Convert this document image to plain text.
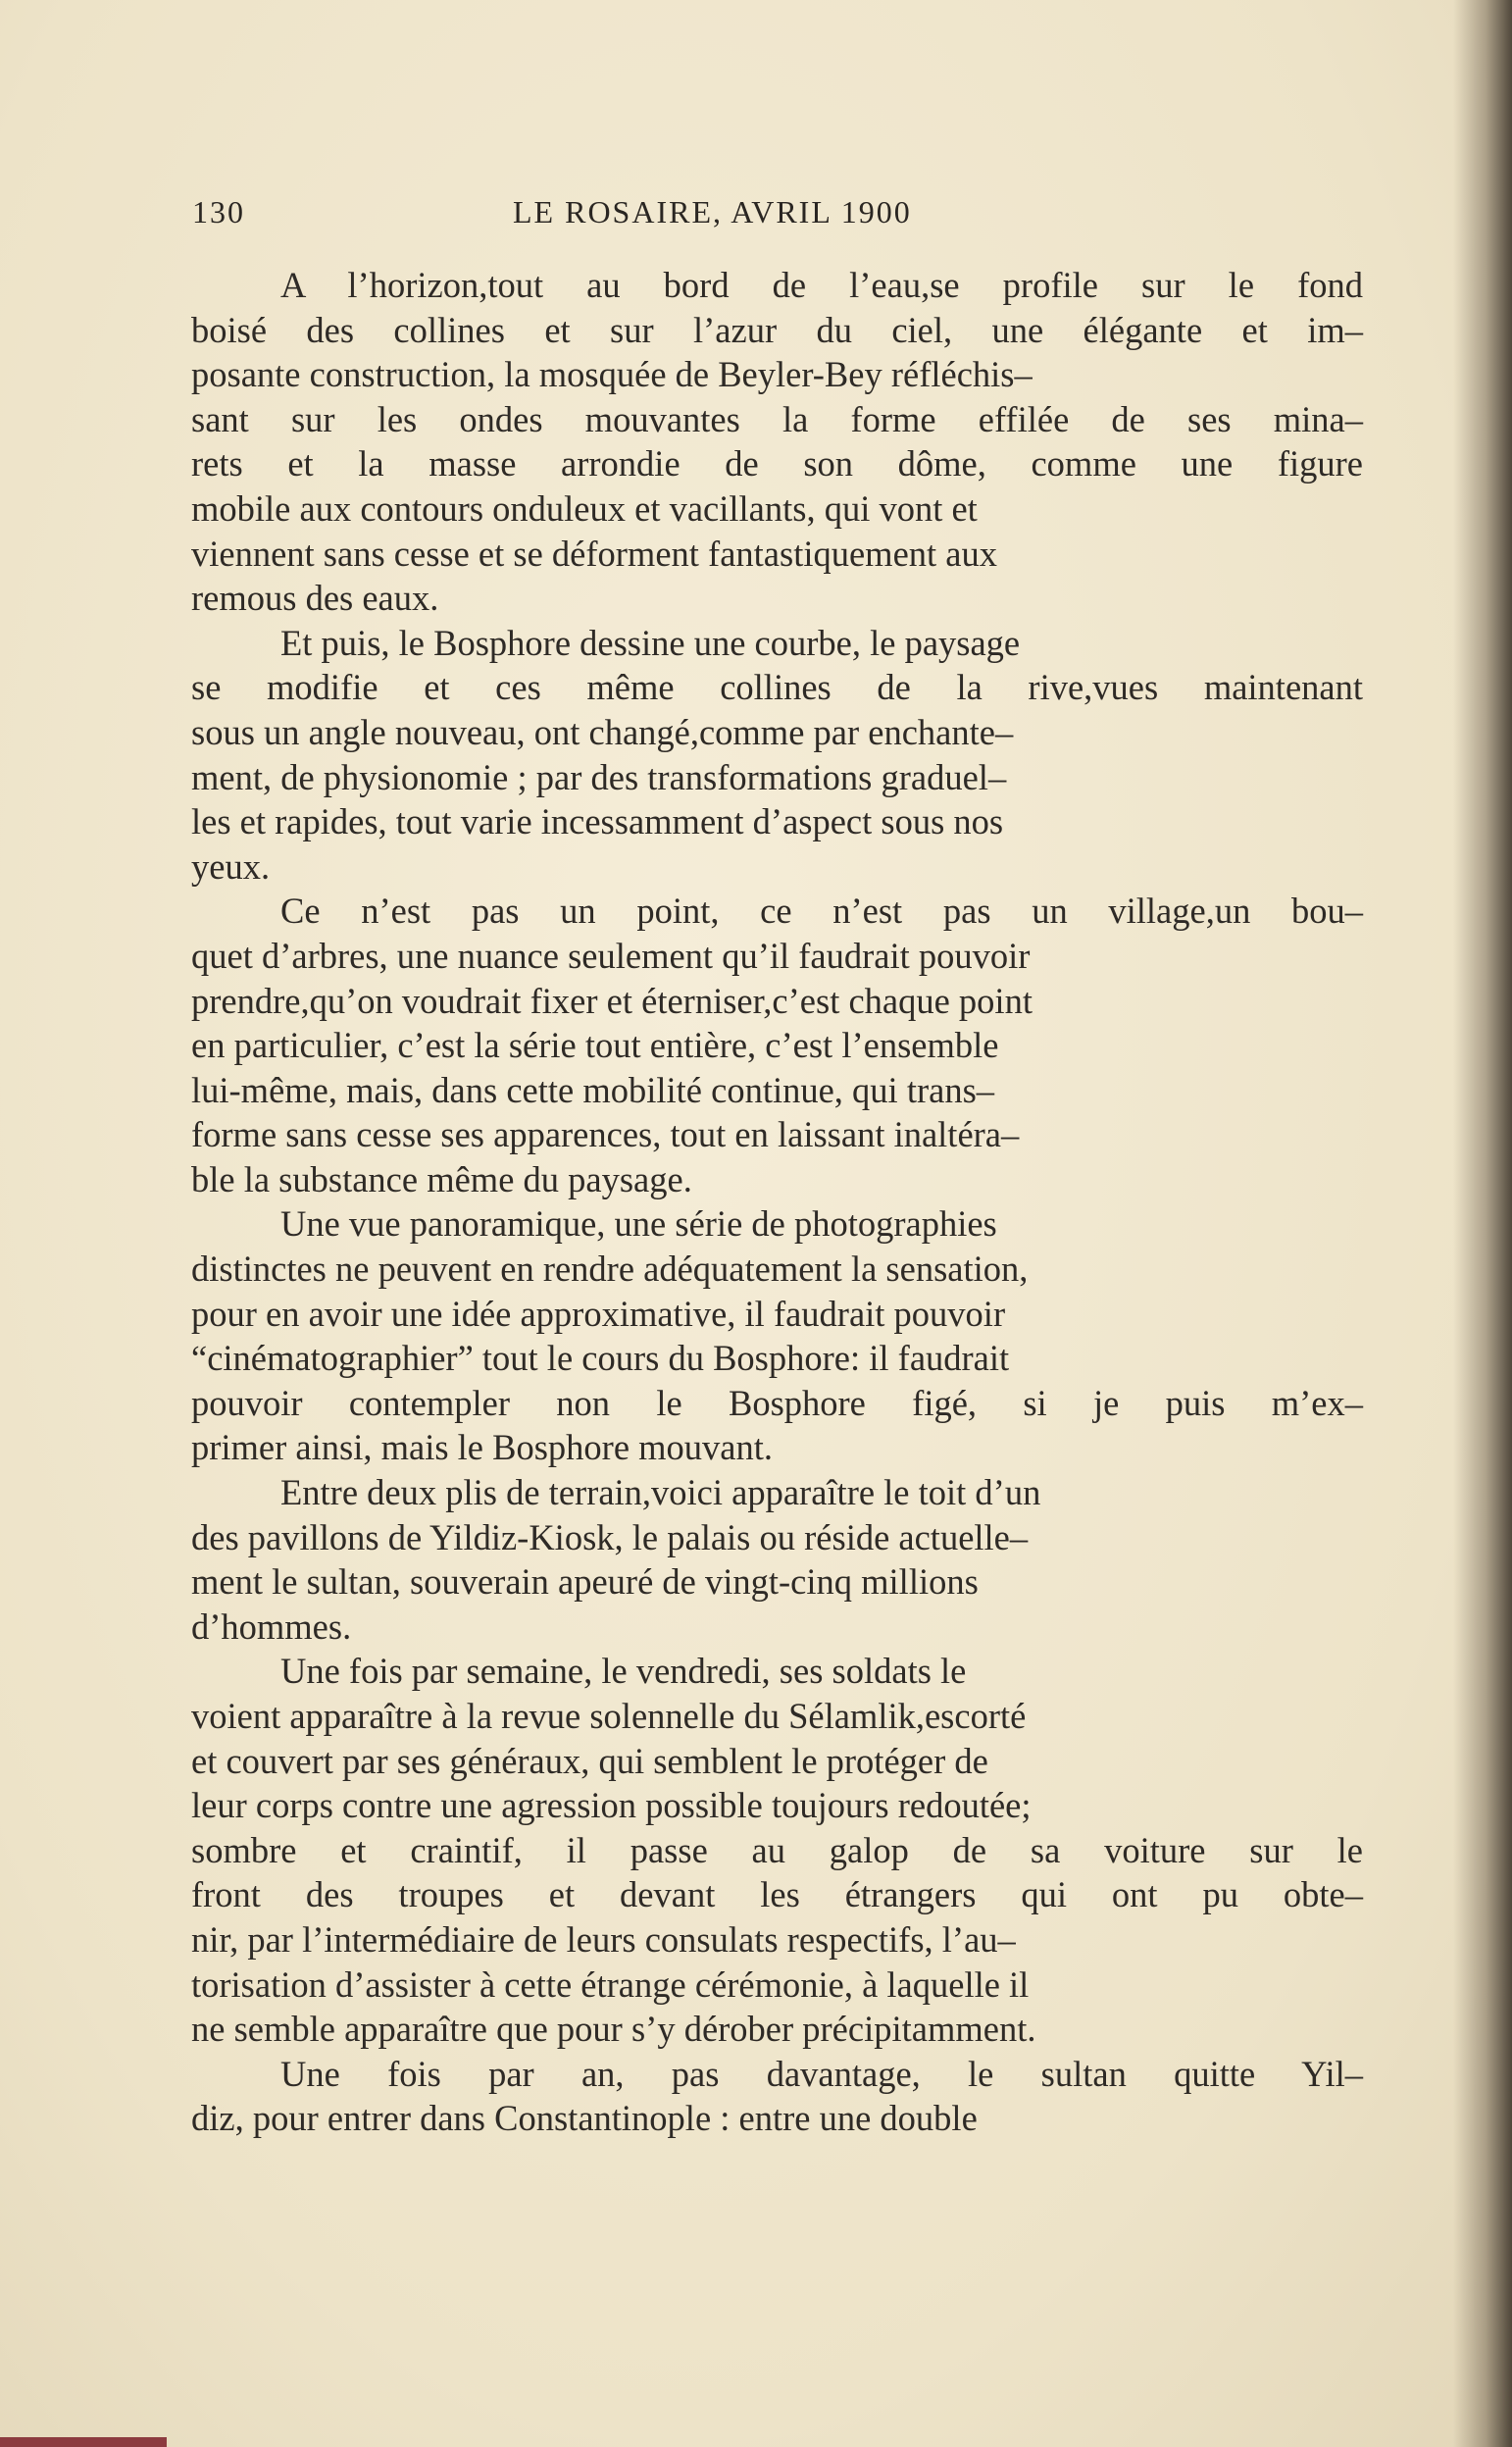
130	LE ROSAIRE, AVRIL 1900
A l’horizon,tout au bord de l’eau,se profile sur le fond
boisé des collines et sur l’azur du ciel, une élégante et im–
posante construction, la mosquée de Beyler-Bey réfléchis–
sant sur les ondes mouvantes la forme effilée de ses mina–
rets et la masse arrondie de son dôme, comme une figure
mobile aux contours onduleux et vacillants, qui vont et
viennent sans cesse et se déforment fantastiquement aux
remous des eaux.
Et puis, le Bosphore dessine une courbe, le paysage
se modifie et ces même collines de la rive,vues maintenant
sous un angle nouveau, ont changé,comme par enchante–
ment, de physionomie ; par des transformations graduel–
les et rapides, tout varie incessamment d’aspect sous nos
yeux.
Ce n’est pas un point, ce n’est pas un village,un bou–
quet d’arbres, une nuance seulement qu’il faudrait pouvoir
prendre,qu’on voudrait fixer et éterniser,c’est chaque point
en particulier, c’est la série tout entière, c’est l’ensemble
lui-même, mais, dans cette mobilité continue, qui trans–
forme sans cesse ses apparences, tout en laissant inaltéra–
ble la substance même du paysage.
Une vue panoramique, une série de photographies
distinctes ne peuvent en rendre adéquatement la sensation,
pour en avoir une idée approximative, il faudrait pouvoir
“cinématographier” tout le cours du Bosphore: il faudrait
pouvoir contempler non le Bosphore figé, si je puis m’ex–
primer ainsi, mais le Bosphore mouvant.
Entre deux plis de terrain,voici apparaître le toit d’un
des pavillons de Yildiz-Kiosk, le palais ou réside actuelle–
ment le sultan, souverain apeuré de vingt-cinq millions
d’hommes.
Une fois par semaine, le vendredi, ses soldats le
voient apparaître à la revue solennelle du Sélamlik,escorté
et couvert par ses généraux, qui semblent le protéger de
leur corps contre une agression possible toujours redoutée;
sombre et craintif, il passe au galop de sa voiture sur le
front des troupes et devant les étrangers qui ont pu obte–
nir, par l’intermédiaire de leurs consulats respectifs, l’au–
torisation d’assister à cette étrange cérémonie, à laquelle il
ne semble apparaître que pour s’y dérober précipitamment.
Une fois par an, pas davantage, le sultan quitte Yil–
diz, pour entrer dans Constantinople : entre une double
